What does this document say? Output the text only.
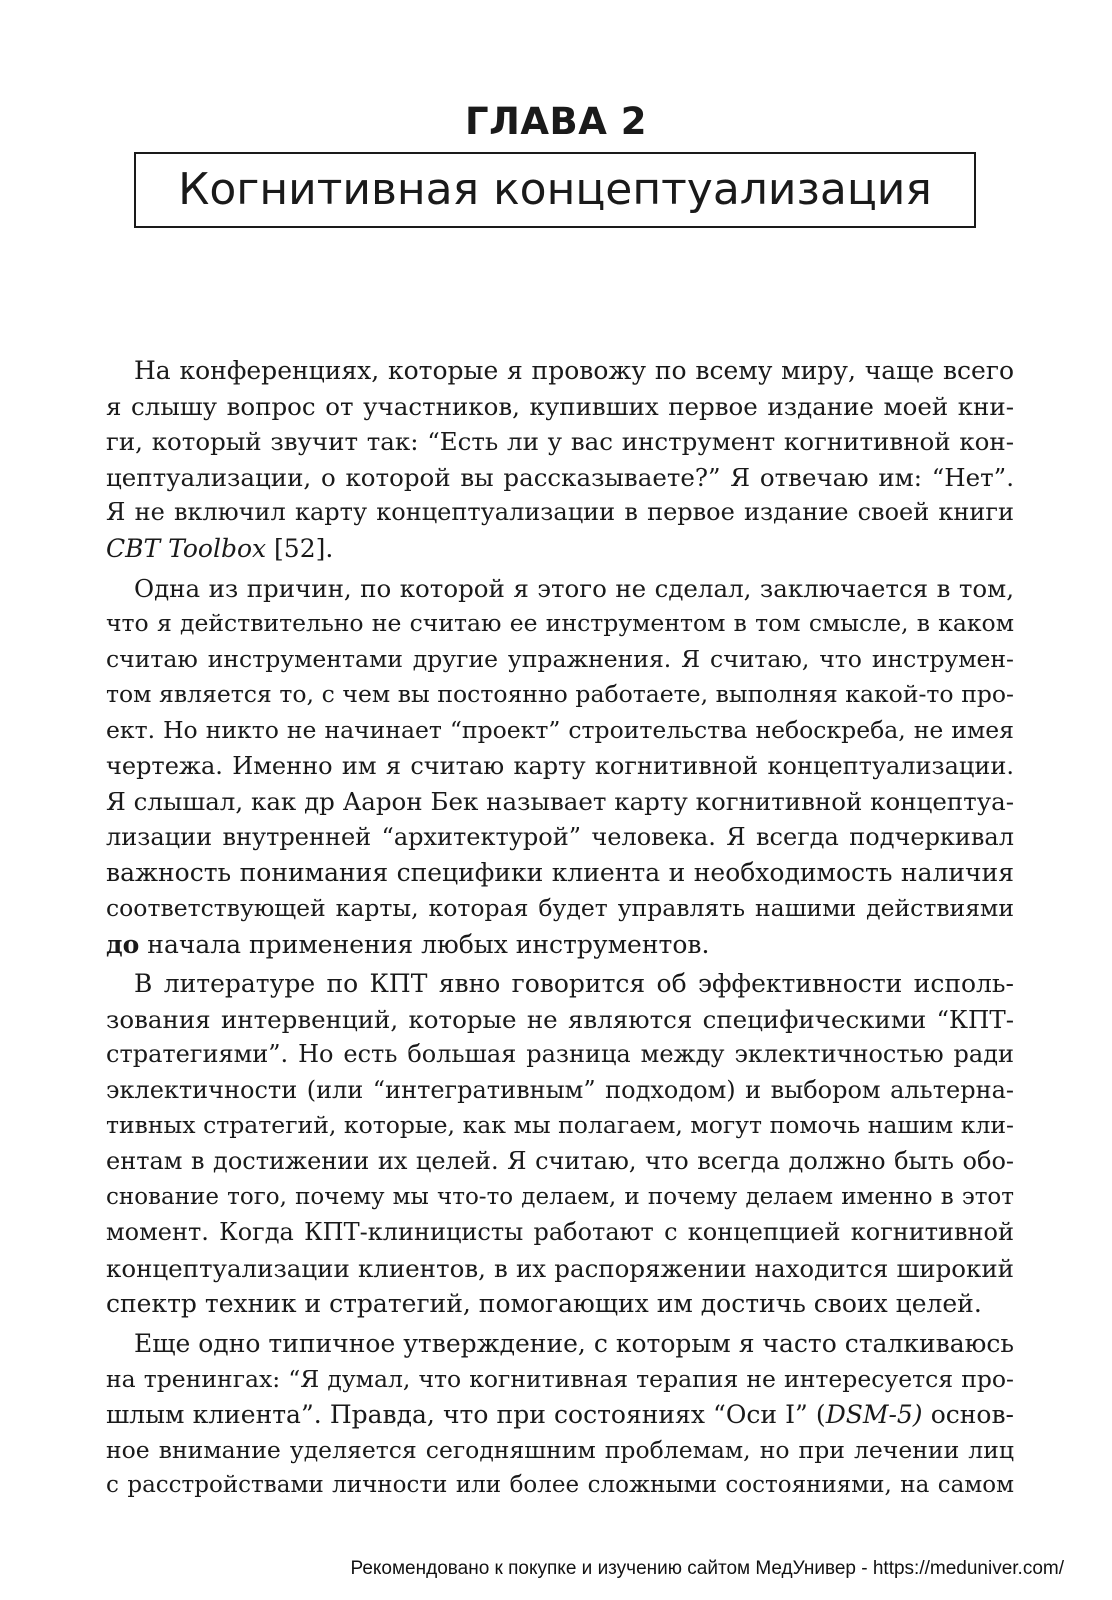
ГЛАВА 2
Когнитивная концептуализация
На конференциях, которые я провожу по всему миру, чаще всего
я слышу вопрос от участников, купивших первое издание моей кни-
ги, который звучит так: “Есть ли у вас инструмент когнитивной кон-
цептуализации, о которой вы рассказываете?” Я отвечаю им: “Нет”.
Я не включил карту концептуализации в первое издание своей книги
CBT Toolbox [52].
Одна из причин, по которой я этого не сделал, заключается в том,
что я действительно не считаю ее инструментом в том смысле, в каком
считаю инструментами другие упражнения. Я считаю, что инструмен-
том является то, с чем вы постоянно работаете, выполняя какой-то про-
ект. Но никто не начинает “проект” строительства небоскреба, не имея
чертежа. Именно им я считаю карту когнитивной концептуализации.
Я слышал, как др Аарон Бек называет карту когнитивной концептуа-
лизации внутренней “архитектурой” человека. Я всегда подчеркивал
важность понимания специфики клиента и необходимость наличия
соответствующей карты, которая будет управлять нашими действиями
до начала применения любых инструментов.
В литературе по КПТ явно говорится об эффективности исполь-
зования интервенций, которые не являются специфическими “КПТ-
стратегиями”. Но есть большая разница между эклектичностью ради
эклектичности (или “интегративным” подходом) и выбором альтерна-
тивных стратегий, которые, как мы полагаем, могут помочь нашим кли-
ентам в достижении их целей. Я считаю, что всегда должно быть обо-
снование того, почему мы что-то делаем, и почему делаем именно в этот
момент. Когда КПТ-клиницисты работают с концепцией когнитивной
концептуализации клиентов, в их распоряжении находится широкий
спектр техник и стратегий, помогающих им достичь своих целей.
Еще одно типичное утверждение, с которым я часто сталкиваюсь
на тренингах: “Я думал, что когнитивная терапия не интересуется про-
шлым клиента”. Правда, что при состояниях “Оси I” (DSM-5) основ-
ное внимание уделяется сегодняшним проблемам, но при лечении лиц
с расстройствами личности или более сложными состояниями, на самом
Рекомендовано к покупке и изучению сайтом МедУнивер - https://meduniver.com/
